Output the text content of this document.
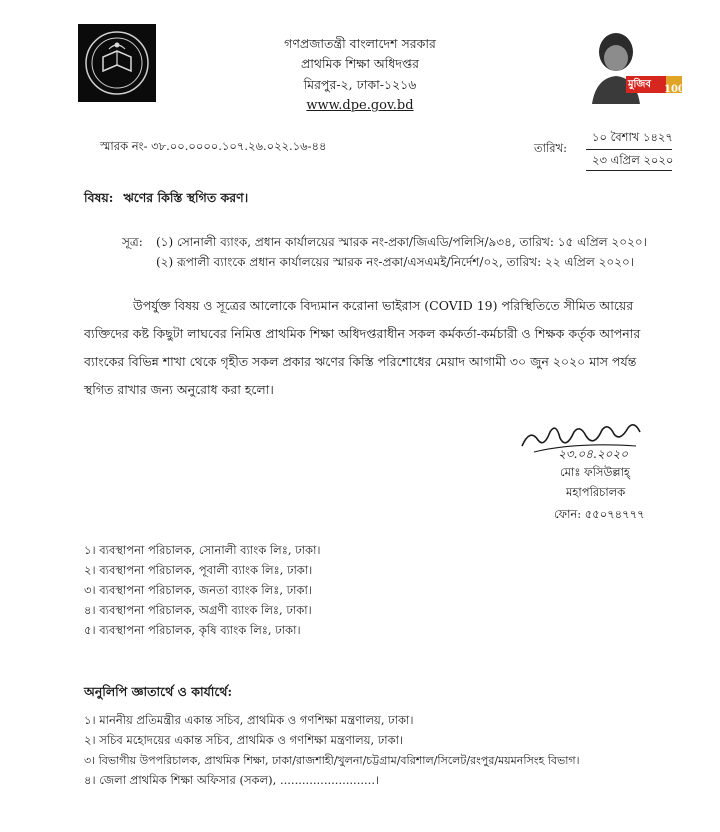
গণপ্রজাতন্ত্রী বাংলাদেশ সরকার
প্রাথমিক শিক্ষা অধিদপ্তর
মিরপুর-২, ঢাকা-১২১৬
www.dpe.gov.bd
মুজিব 100
স্মারক নং- ৩৮.০০.০০০০.১০৭.২৬.০২২.১৬-৪৪	তারিখ:
১০ বৈশাখ ১৪২৭
২৩ এপ্রিল ২০২০
বিষয়: ঋণের কিস্তি স্থগিত করণ।
সূত্র: (১) সোনালী ব্যাংক, প্রধান কার্যালয়ের স্মারক নং-প্রকা/জিএডি/পলিসি/৯৩৪, তারিখ: ১৫ এপ্রিল ২০২০।
(২) রূপালী ব্যাংকে প্রধান কার্যালয়ের স্মারক নং-প্রকা/এসএমই/নির্দেশ/০২, তারিখ: ২২ এপ্রিল ২০২০।
উপর্যুক্ত বিষয় ও সূত্রের আলোকে বিদ্যমান করোনা ভাইরাস (COVID 19) পরিস্থিতিতে সীমিত আয়ের
ব্যক্তিদের কষ্ট কিছুটা লাঘবের নিমিত্ত প্রাথমিক শিক্ষা অধিদপ্তরাধীন সকল কর্মকর্তা-কর্মচারী ও শিক্ষক কর্তৃক আপনার
ব্যাংকের বিভিন্ন শাখা থেকে গৃহীত সকল প্রকার ঋণের কিস্তি পরিশোধের মেয়াদ আগামী ৩০ জুন ২০২০ মাস পর্যন্ত
স্থগিত রাখার জন্য অনুরোধ করা হলো।
২৩.০৪.২০২০
মোঃ ফসিউল্লাহ্
মহাপরিচালক
ফোন: ৫৫০৭৪৭৭৭
১। ব্যবস্থাপনা পরিচালক, সোনালী ব্যাংক লিঃ, ঢাকা।
২। ব্যবস্থাপনা পরিচালক, পূবালী ব্যাংক লিঃ, ঢাকা।
৩। ব্যবস্থাপনা পরিচালক, জনতা ব্যাংক লিঃ, ঢাকা।
৪। ব্যবস্থাপনা পরিচালক, অগ্রণী ব্যাংক লিঃ, ঢাকা।
৫। ব্যবস্থাপনা পরিচালক, কৃষি ব্যাংক লিঃ, ঢাকা।
অনুলিপি জ্ঞাতার্থে ও কার্যার্থে:
১। মাননীয় প্রতিমন্ত্রীর একান্ত সচিব, প্রাথমিক ও গণশিক্ষা মন্ত্রণালয়, ঢাকা।
২। সচিব মহোদয়ের একান্ত সচিব, প্রাথমিক ও গণশিক্ষা মন্ত্রণালয়, ঢাকা।
৩। বিভাগীয় উপপরিচালক, প্রাথমিক শিক্ষা, ঢাকা/রাজশাহী/খুলনা/চট্টগ্রাম/বরিশাল/সিলেট/রংপুর/ময়মনসিংহ বিভাগ।
৪। জেলা প্রাথমিক শিক্ষা অফিসার (সকল), ..........................।
